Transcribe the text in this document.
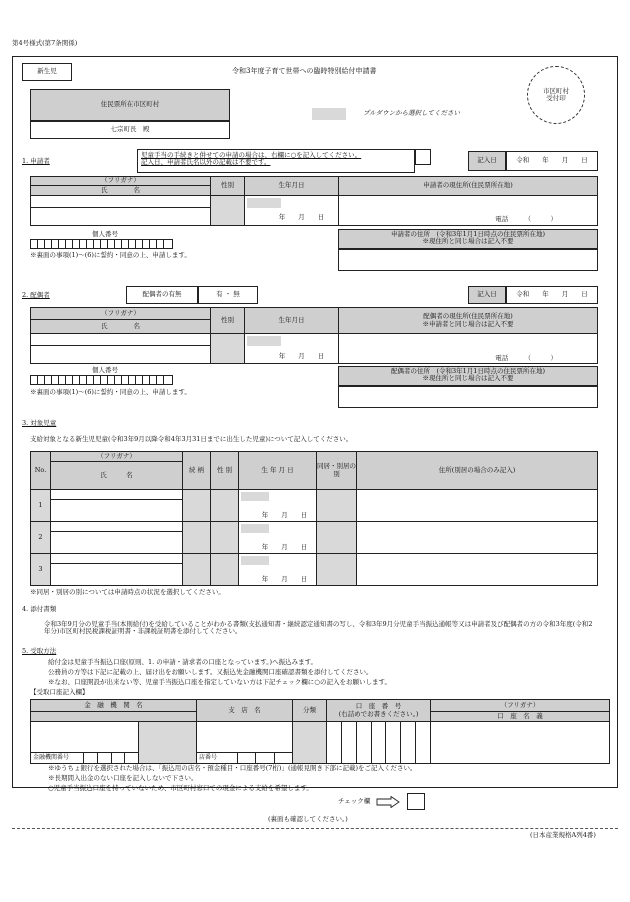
第4号様式(第7条関係)
新生児	令和3年度子育て世帯への臨時特別給付申請書
市区町村
受付印
住民票所在市区町村
七宗町長　殿
プルダウンから選択してください
1. 申請者
児童手当の手続きと併せての申請の場合は、右欄に○を記入してください。
記入日、申請者氏名以外の記載は不要です。	記入日	令和　　年　　月　　日
（フリガナ）	性別	生年月日	申請者の現住所(住民票所在地)
氏　　　　名			

		年　　月　　日	電話　　　（　　　）

個人番号
※裏面の事項(1)～(6)に誓約・同意の上、申請します。
申請者の住所　(令和3年1月1日時点の住民票所在地)
※現住所と同じ場合は記入不要
2. 配偶者	配偶者の有無	有 ・ 無	記入日	令和　　年　　月　　日
（フリガナ）	性別	生年月日	配偶者の現住所(住民票所在地)
※申請者と同じ場合は記入不要

氏　　　　名			

		年　　月　　日	電話　　　（　　　）

個人番号
※裏面の事項(1)～(6)に誓約・同意の上、申請します。
配偶者の住所　(令和3年1月1日時点の住民票所在地)
※現住所と同じ場合は記入不要
3. 対象児童
支給対象となる新生児児童(令和3年9月以降令和4年3月31日までに出生した児童)について記入してください。
No.	（フリガナ）	続 柄	性 別	生 年 月 日	同居・別居の別	住所(別居の場合のみ記入)
	氏　　　名					
1				年　　月　　日		

2				年　　月　　日		

3				年　　月　　日		

※同居・別居の別については申請時点の状況を選択してください。
4. 添付書類
令和3年9月分の児童手当(本則給付)を受給していることがわかる書類(支払通知書・継続認定通知書の写し、令和3年9月分児童手当振込通帳等又は申請者及び配偶者の方の令和3年度(令和2年分)市区町村民税課税証明書・非課税証明書を添付してください。
5. 受取方法
給付金は児童手当振込口座(原則、1. の申請・請求者の口座となっています。)へ振込みます。
公務員の方等は下記に記載の上、届け出をお願いします。又振込先金融機関口座確認書類を添付してください。
※なお、口座開設が出来ない等、児童手当振込口座を指定していない方は下記チェック欄に○の記入をお願いします。
【受取口座記入欄】
金　融　機　関　名		支　店　名	分類	口　座　番　号
(右詰めでお書きください。)	（フリガナ）
					口　座　名　義

金融機関番号		店番号			
※ゆうちょ銀行を選択された場合は、「振込用の店名・預金種目・口座番号(7桁)」(通帳見開き下部に記載)をご記入ください。
※長期間入出金のない口座を記入しないで下さい。
○児童手当振込口座を持っていないため、市区町村窓口での現金による支給を希望します。
チェック欄
(裏面も確認してください。)
(日本産業規格A列4番)
